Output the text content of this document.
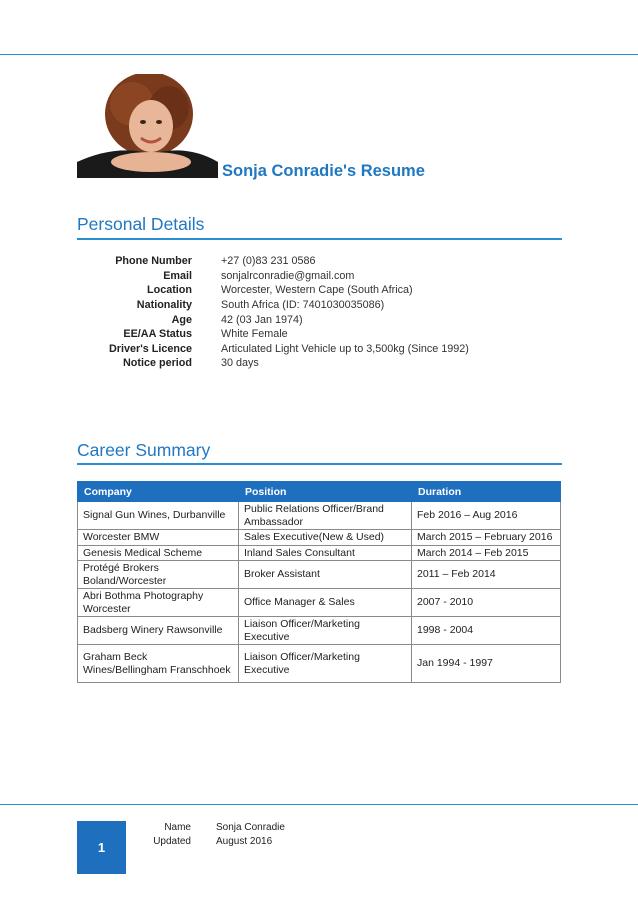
Sonja Conradie's Resume
Personal Details
Phone Number	+27 (0)83 231 0586
Email	sonjalrconradie@gmail.com
Location	Worcester, Western Cape (South Africa)
Nationality	South Africa (ID: 7401030035086)
Age	42 (03 Jan 1974)
EE/AA Status	White Female
Driver's Licence	Articulated Light Vehicle up to 3,500kg (Since 1992)
Notice period	30 days
Career Summary
Company	Position	Duration
Signal Gun Wines, Durbanville	Public Relations Officer/Brand Ambassador	Feb 2016 – Aug 2016
Worcester BMW	Sales Executive(New & Used)	March 2015 – February 2016
Genesis Medical Scheme	Inland Sales Consultant	March 2014 – Feb 2015
Protégé Brokers Boland/Worcester	Broker Assistant	2011 – Feb 2014
Abri Bothma Photography Worcester	Office Manager & Sales	2007 - 2010
Badsberg Winery Rawsonville	Liaison Officer/Marketing Executive	1998 - 2004
Graham Beck Wines/Bellingham Franschhoek	Liaison Officer/Marketing Executive	Jan 1994 - 1997
1
Name	Sonja Conradie
Updated	August 2016
